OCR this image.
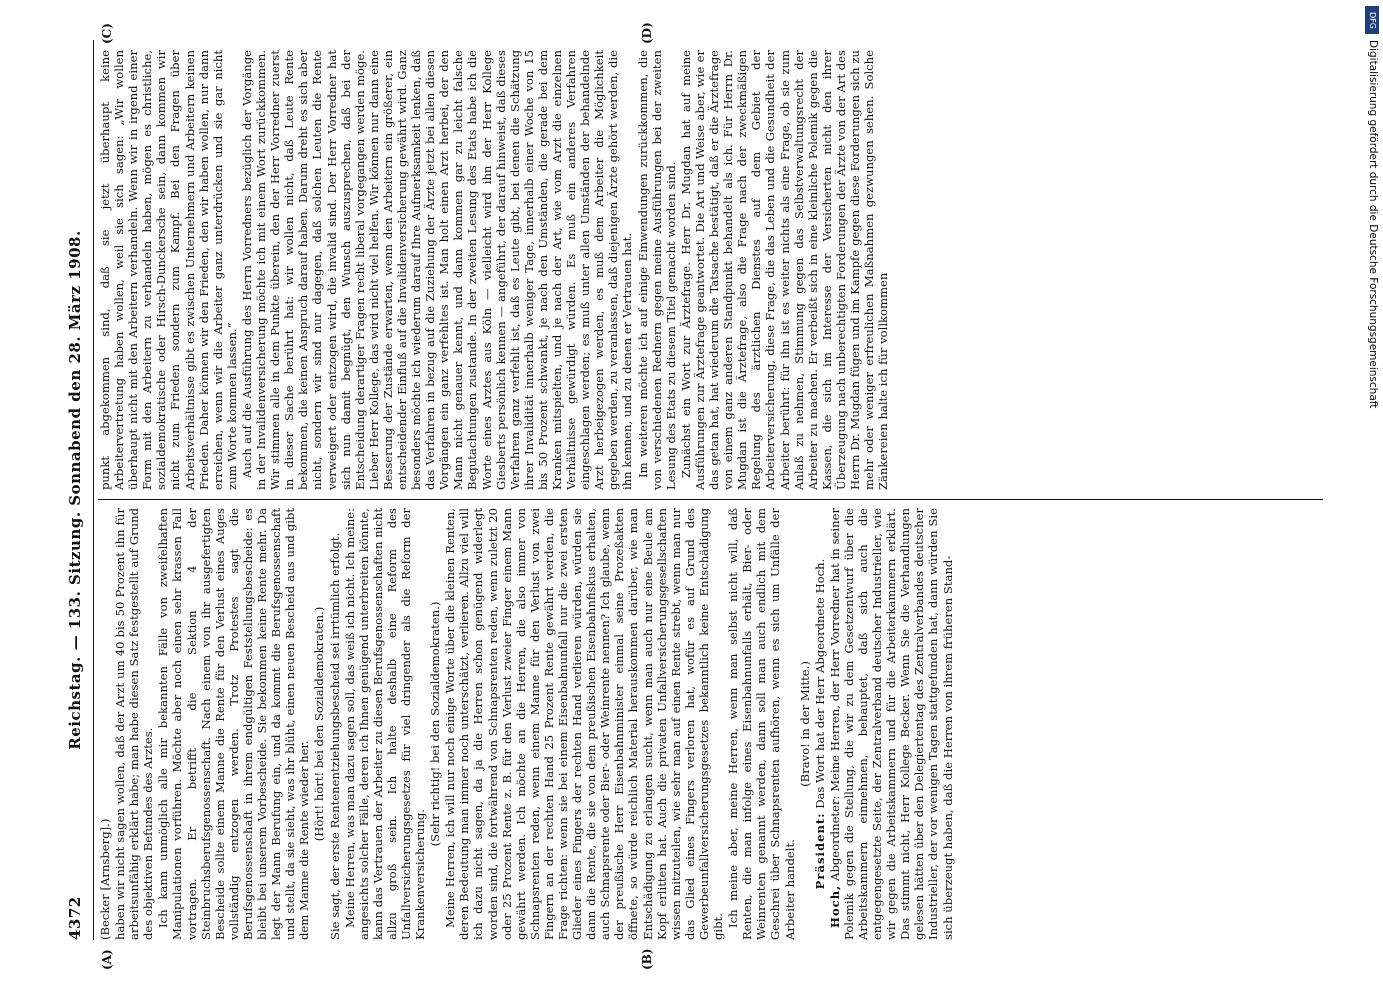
4372
Reichstag. — 133. Sitzung. Sonnabend den 28. März 1908.
(A)	(B)
(C)	(D)

(Becker [Arnsberg].) haben wir nicht sagen wollen, daß der Arzt um 40 bis 50 Prozent ihn für arbeitsunfähig erklärt habe; man habe diesen Satz festgestellt auf Grund des objektiven Befundes des Arztes. Ich kann unmöglich alle mir bekannten Fälle von zweifelhaften Manipulationen vorführen. Möchte aber noch einen sehr krassen Fall vortragen. Er betrifft die Sektion 4 der Steinbruchsberufsgenossenschaft. Nach einem von ihr ausgefertigten Bescheide sollte einem Manne die Rente für den Verlust eines Auges vollständig entzogen werden. Trotz Protestes sagt die Berufsgenossenschaft in ihrem endgültigen Feststellungsbescheide: es bleibt bei unserem Vorbescheide. Sie bekommen keine Rente mehr. Da legt der Mann Berufung ein, und da kommt die Berufsgenossenschaft und stellt, da sie sieht, was ihr blüht, einen neuen Bescheid aus und gibt dem Manne die Rente wieder her. (Hört! hört! bei den Sozialdemokraten.) Sie sagt, der erste Rentenentziehungsbescheid sei irrtümlich erfolgt. Meine Herren, was man dazu sagen soll, das weiß ich nicht. Ich meine: angesichts solcher Fälle, deren ich Ihnen genügend unterbreiten könnte, kann das Vertrauen der Arbeiter zu diesen Berufsgenossenschaften nicht allzu groß sein. Ich halte deshalb eine Reform des Unfallversicherungsgesetzes für viel dringender als die Reform der Krankenversicherung.

(Sehr richtig! bei den Sozialdemokraten.) Meine Herren, ich will nur noch einige Worte über die kleinen Renten, deren Bedeutung man immer noch unterschätzt, verlieren. Allzu viel will ich dazu nicht sagen, da ja die Herren schon genügend widerlegt worden sind, die fortwährend von Schnapsrenten reden, wenn zuletzt 20 oder 25 Prozent Rente z. B. für den Verlust zweier Finger einem Mann gewährt werden. Ich möchte an die Herren, die also immer von Schnapsrenten reden, wenn einem Manne für den Verlust von zwei Fingern an der rechten Hand 25 Prozent Rente gewährt werden, die Frage richten: wenn sie bei einem Eisenbahnunfall nur die zwei ersten Glieder eines Fingers der rechten Hand verlieren würden, würden sie dann die Rente, die sie von dem preußischen Eisenbahnfiskus erhalten, auch Schnapsrente oder Bier- oder Weinrente nennen? Ich glaube, wenn der preußische Herr Eisenbahnminister einmal seine Prozeßakten öffnete, so würde reichlich Material herauskommen darüber, wie man Entschädigung zu erlangen sucht, wenn man auch nur eine Beule am Kopf erlitten hat. Auch die privaten Unfallversicherungsgesellschaften wissen mitzuteilen, wie sehr man auf einen Rente strebt, wenn man nur das Glied eines Fingers verloren hat, wofür es auf Grund des Gewerbeunfallversicherungsgesetzes bekanntlich keine Entschädigung gibt. Ich meine aber, meine Herren, wenn man selbst nicht will, daß Renten, die man infolge eines Eisenbahnunfalls erhält, Bier- oder Weinrenten genannt werden, dann soll man auch endlich mit dem Geschrei über Schnapsrenten aufhören, wenn es sich um Unfälle der Arbeiter handelt.

(Bravo! in der Mitte.)

Präsident: Das Wort hat der Herr Abgeordnete Hoch.

Hoch, Abgeordneter: Meine Herren, der Herr Vorredner hat in seiner Polemik gegen die Stellung, die wir zu dem Gesetzentwurf über die Arbeitskammern einnehmen, behauptet, daß sich auch die entgegengesetzte Seite, der Zentralverband deutscher Industrieller, wie wir gegen die Arbeitskammern und für die Arbeiterkammern erklärt. Das stimmt nicht, Herr Kollege Becker. Wenn Sie die Verhandlungen gelesen hätten über den Delegiertentag des Zentralverbandes deutscher Industrieller, der vor wenigen Tagen stattgefunden hat, dann würden Sie sich überzeugt haben, daß die Herren von ihrem früheren Stand-

punkt abgekommen sind, daß sie jetzt überhaupt keine Arbeitervertretung haben wollen, weil sie sich sagen: „Wir wollen überhaupt nicht mit den Arbeitern verhandeln. Wenn wir in irgend einer Form mit den Arbeitern zu verhandeln haben, mögen es christliche, sozialdemokratische oder Hirsch-Dunckersche sein, dann kommen wir nicht zum Frieden sondern zum Kampf. Bei den Fragen über Arbeitsverhältnisse gibt es zwischen Unternehmern und Arbeitern keinen Frieden. Daher können wir den Frieden, den wir haben wollen, nur dann erreichen, wenn wir die Arbeiter ganz unterdrücken und sie gar nicht zum Worte kommen lassen.“ Auch auf die Ausführung des Herrn Vorredners bezüglich der Vorgänge in der Invalidenversicherung möchte ich mit einem Wort zurückkommen. Wir stimmen alle in dem Punkte überein, den der Herr Vorredner zuerst in dieser Sache berührt hat: wir wollen nicht, daß Leute Rente bekommen, die keinen Anspruch darauf haben. Darum dreht es sich aber nicht, sondern wir sind nur dagegen, daß solchen Leuten die Rente verweigert oder entzogen wird, die invalid sind. Der Herr Vorredner hat sich nun damit begnügt, den Wunsch auszusprechen, daß bei der Entscheidung derartiger Fragen recht liberal vorgegangen werden möge. Lieber Herr Kollege, das wird nicht viel helfen. Wir können nur dann eine Besserung der Zustände erwarten, wenn den Arbeitern ein größerer, ein entscheidender Einfluß auf die Invalidenversicherung gewährt wird. Ganz besonders möchte ich wiederum darauf Ihre Aufmerksamkeit lenken, daß das Verfahren in bezug auf die Zuziehung der Ärzte jetzt bei allen diesen Vorgängen ein ganz verfehltes ist. Man holt einen Arzt herbei, der den Mann nicht genauer kennt, und dann kommen gar zu leicht falsche Begutachtungen zustande. In der zweiten Lesung des Etats habe ich die Worte eines Arztes aus Köln — vielleicht wird ihn der Herr Kollege Giesberts persönlich kennen — angeführt, der darauf hinweist, daß dieses Verfahren ganz verfehlt ist, daß es Leute gibt, bei denen die Schätzung ihrer Invalidität innerhalb weniger Tage, innerhalb einer Woche von 15 bis 50 Prozent schwankt, je nach den Umständen, die gerade bei dem Kranken mitspielten, und je nach der Art, wie vom Arzt die einzelnen Verhältnisse gewürdigt würden. Es muß ein anderes Verfahren eingeschlagen werden; es muß unter allen Umständen der behandelnde Arzt herbeigezogen werden, es muß dem Arbeiter die Möglichkeit gegeben werden, zu veranlassen, daß diejenigen Ärzte gehört werden, die ihn kennen, und zu denen er Vertrauen hat. Im weiteren möchte ich auf einige Einwendungen zurückkommen, die von verschiedenen Rednern gegen meine Ausführungen bei der zweiten Lesung des Etats zu diesem Titel gemacht worden sind. Zunächst ein Wort zur Ärztefrage. Herr Dr. Mugdan hat auf meine Ausführungen zur Ärztefrage geantwortet. Die Art und Weise aber, wie er das getan hat, hat wiederum die Tatsache bestätigt, daß er die Ärztefrage von einem ganz anderen Standpunkt behandelt als ich. Für Herrn Dr. Mugdan ist die Ärztefrage, also die Frage nach der zweckmäßigen Regelung des ärztlichen Dienstes auf dem Gebiet der Arbeiterversicherung, diese Frage, die das Leben und die Gesundheit der Arbeiter berührt: für ihn ist es weiter nichts als eine Frage, ob sie zum Anlaß zu nehmen, Stimmung gegen das Selbstverwaltungsrecht der Arbeiter zu machen. Er verbeißt sich in eine kleinliche Polemik gegen die Kassen, die sich im Interesse der Versicherten nicht den ihrer Überzeugung nach unberechtigten Forderungen der Ärzte von der Art des Herrn Dr. Mugdan fügen und im Kampfe gegen diese Forderungen sich zu mehr oder weniger erfreulichen Maßnahmen gezwungen sehen. Solche Zänkereien halte ich für vollkommen

DFG
Digitalisierung gefördert durch die Deutsche Forschungsgemeinschaft
